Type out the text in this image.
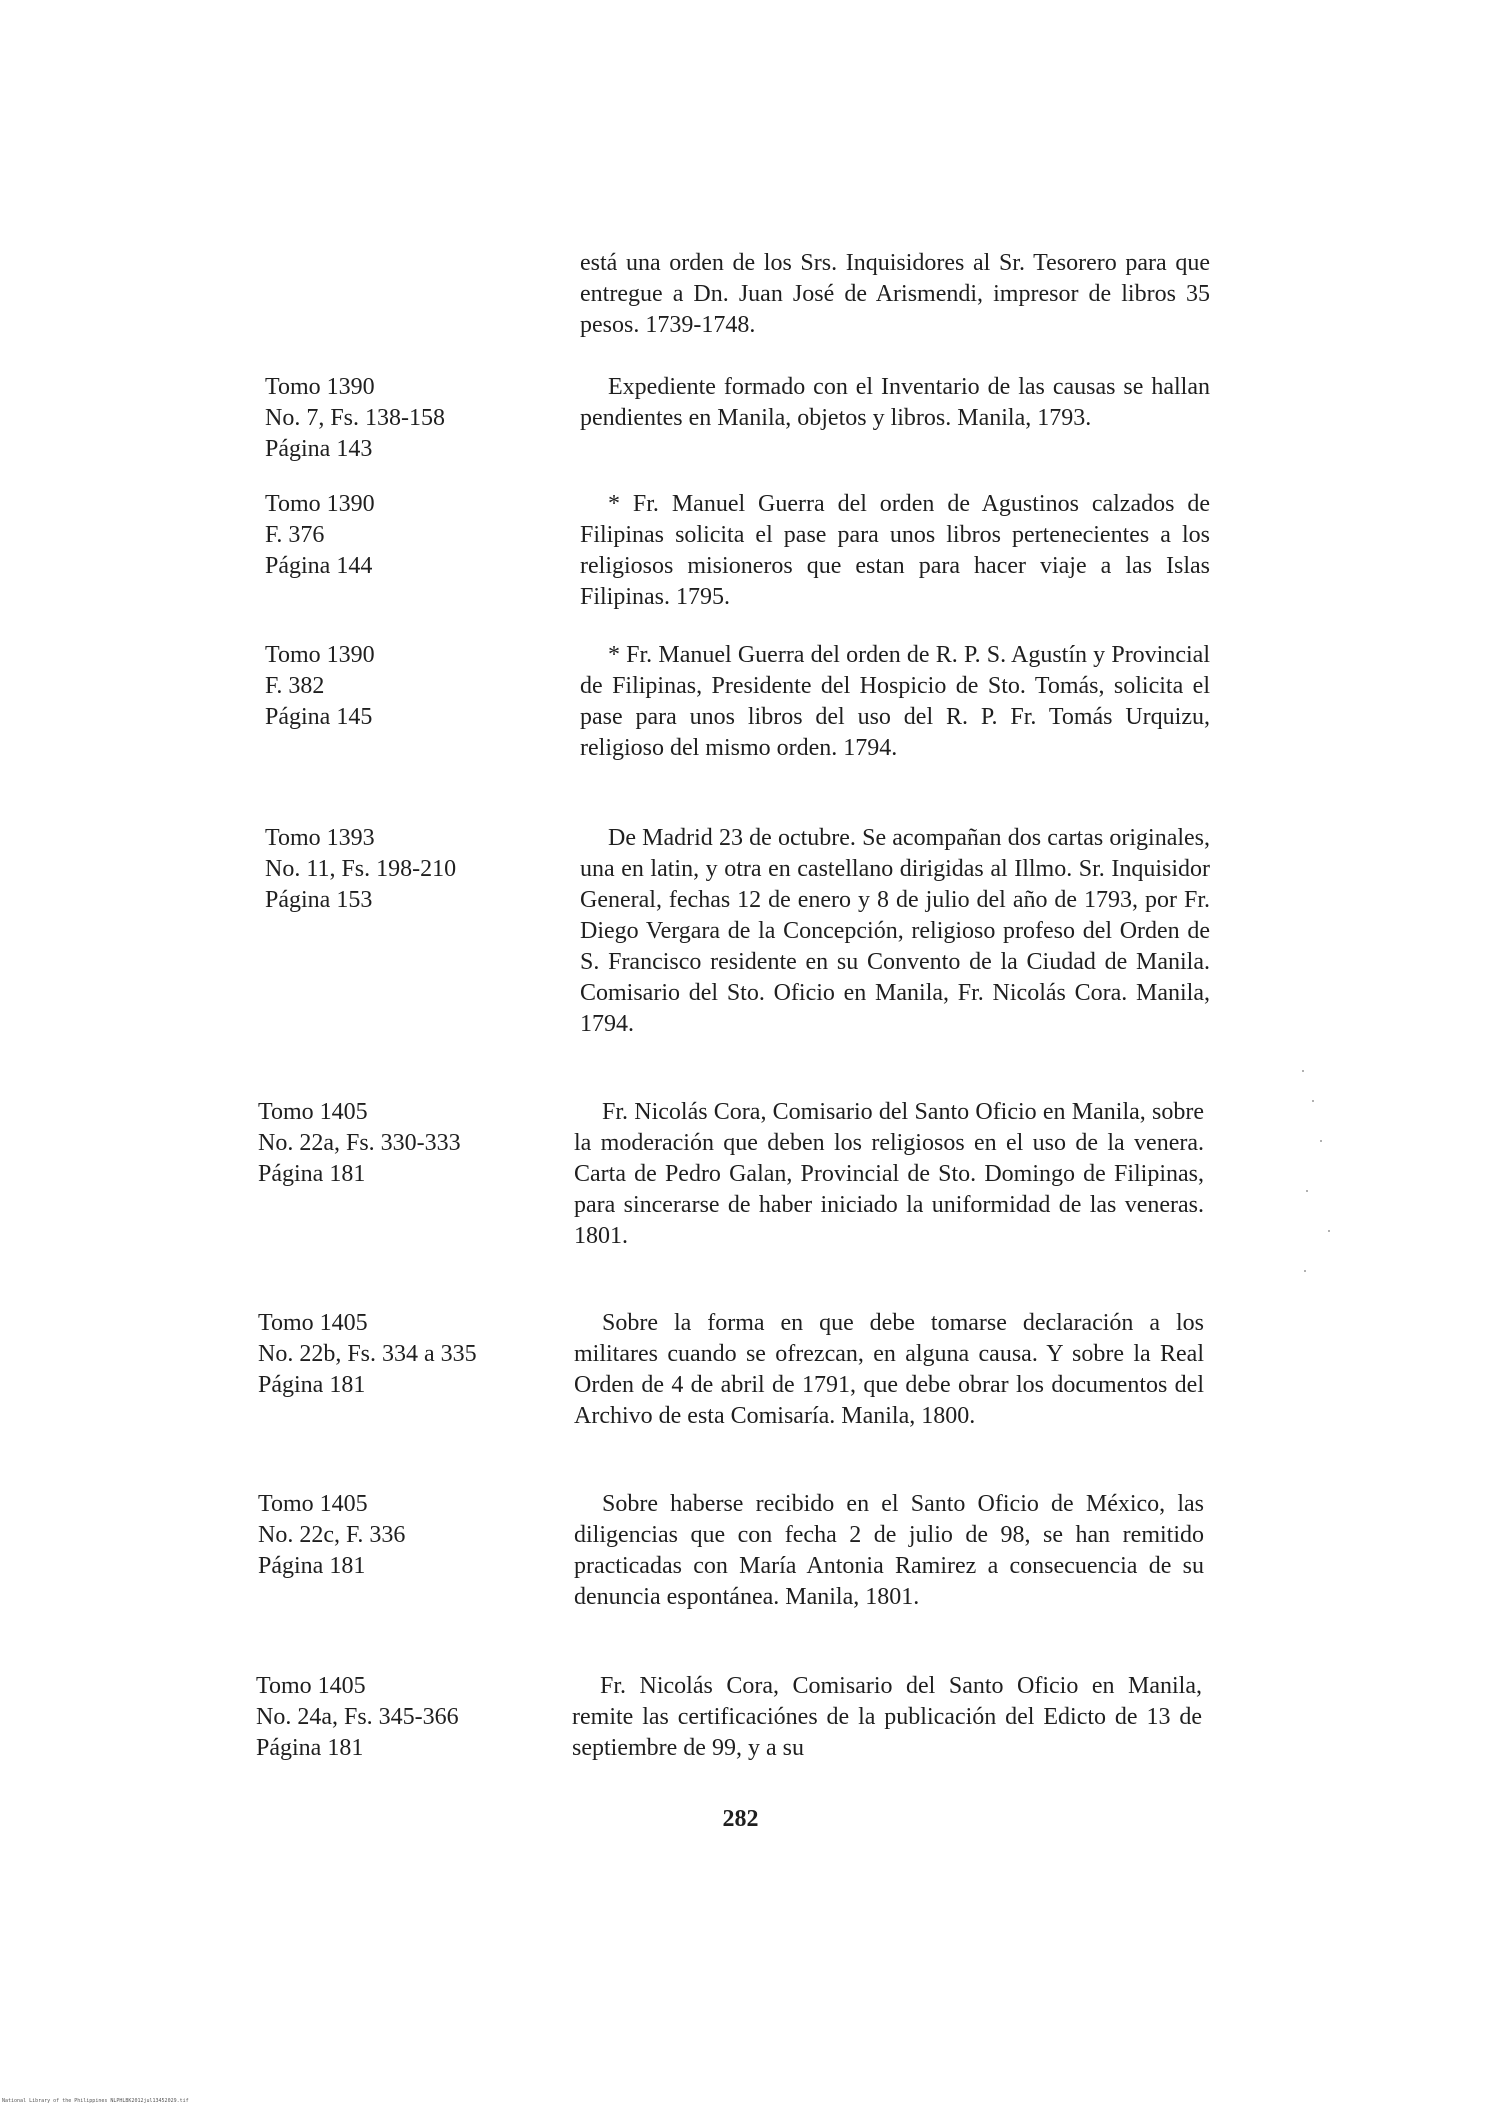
está una orden de los Srs. Inquisidores al Sr. Tesorero para que entregue a Dn. Juan José de Arismendi, impresor de libros 35 pesos. 1739-1748.
Tomo 1390
No. 7, Fs. 138-158
Página 143
Expediente formado con el Inventario de las causas se hallan pendientes en Manila, objetos y libros. Manila, 1793.
Tomo 1390
F. 376
Página 144
* Fr. Manuel Guerra del orden de Agustinos calzados de Filipinas solicita el pase para unos libros pertenecientes a los religiosos misioneros que estan para hacer viaje a las Islas Filipinas. 1795.
Tomo 1390
F. 382
Página 145
* Fr. Manuel Guerra del orden de R. P. S. Agustín y Provincial de Filipinas, Presidente del Hospicio de Sto. Tomás, solicita el pase para unos libros del uso del R. P. Fr. Tomás Urquizu, religioso del mismo orden. 1794.
Tomo 1393
No. 11, Fs. 198-210
Página 153
De Madrid 23 de octubre. Se acompañan dos cartas originales, una en latin, y otra en castellano dirigidas al Illmo. Sr. Inquisidor General, fechas 12 de enero y 8 de julio del año de 1793, por Fr. Diego Vergara de la Concepción, religioso profeso del Orden de S. Francisco residente en su Convento de la Ciudad de Manila. Comisario del Sto. Oficio en Manila, Fr. Nicolás Cora. Manila, 1794.
Tomo 1405
No. 22a, Fs. 330-333
Página 181
Fr. Nicolás Cora, Comisario del Santo Oficio en Manila, sobre la moderación que deben los religiosos en el uso de la venera. Carta de Pedro Galan, Provincial de Sto. Domingo de Filipinas, para sincerarse de haber iniciado la uniformidad de las veneras. 1801.
Tomo 1405
No. 22b, Fs. 334 a 335
Página 181
Sobre la forma en que debe tomarse declaración a los militares cuando se ofrezcan, en alguna causa. Y sobre la Real Orden de 4 de abril de 1791, que debe obrar los documentos del Archivo de esta Comisaría. Manila, 1800.
Tomo 1405
No. 22c, F. 336
Página 181
Sobre haberse recibido en el Santo Oficio de México, las diligencias que con fecha 2 de julio de 98, se han remitido practicadas con María Antonia Ramirez a consecuencia de su denuncia espontánea. Manila, 1801.
Tomo 1405
No. 24a, Fs. 345-366
Página 181
Fr. Nicolás Cora, Comisario del Santo Oficio en Manila, remite las certificaciónes de la publicación del Edicto de 13 de septiembre de 99, y a su
282
National Library of the Philippines NLPHLBK2012jul13452029.tif
